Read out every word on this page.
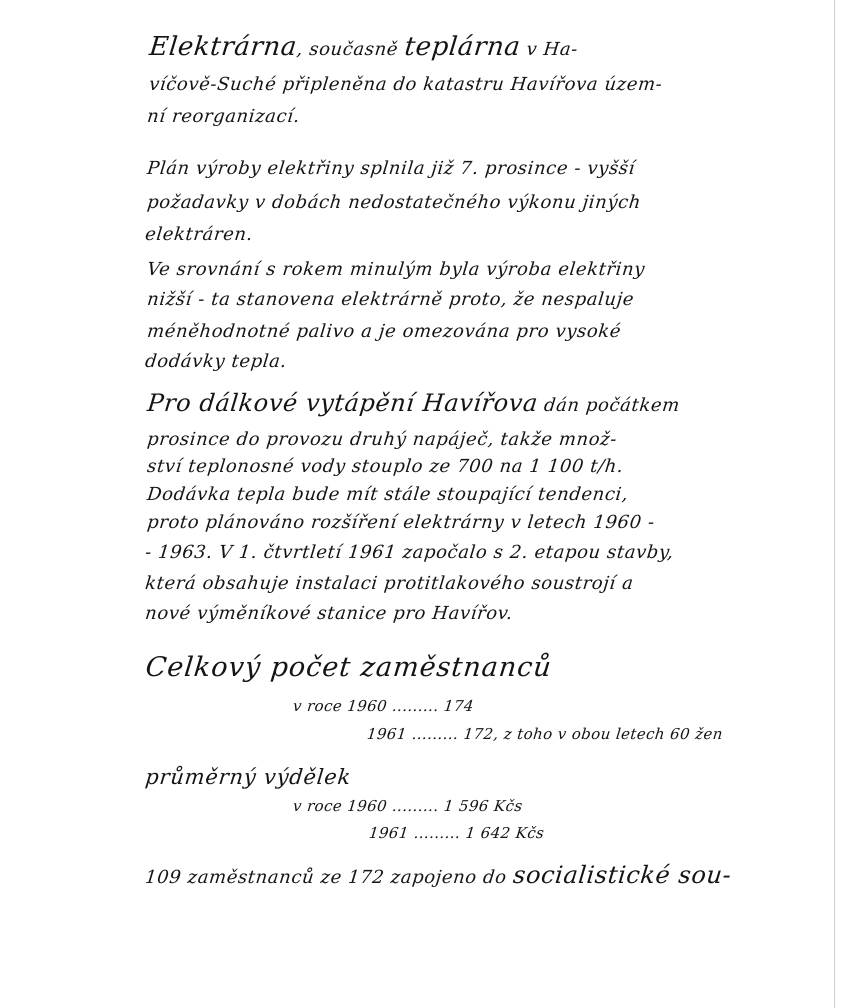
Elektrárna, současně teplárna v Ha-
víčově-Suché připleněna do katastru Havířova územ-
ní reorganizací.
Plán výroby elektřiny splnila již 7. prosince - vyšší
požadavky v dobách nedostatečného výkonu jiných
elektráren.
Ve srovnání s rokem minulým byla výroba elektřiny
nižší - ta stanovena elektrárně proto, že nespaluje
méněhodnotné palivo a je omezována pro vysoké
dodávky tepla.
Pro dálkové vytápění Havířova dán počátkem
prosince do provozu druhý napáječ, takže množ-
ství teplonosné vody stouplo ze 700 na 1 100 t/h.
Dodávka tepla bude mít stále stoupající tendenci,
proto plánováno rozšíření elektrárny v letech 1960 -
- 1963. V 1. čtvrtletí 1961 započalo s 2. etapou stavby,
která obsahuje instalaci protitlakového soustrojí a
nové výměníkové stanice pro Havířov.
Celkový počet zaměstnanců
v roce 1960 ......... 174
1961 ......... 172, z toho v obou letech 60 žen
průměrný výdělek
v roce 1960 ......... 1 596 Kčs
1961 ......... 1 642 Kčs
109 zaměstnanců ze 172 zapojeno do socialistické sou-
